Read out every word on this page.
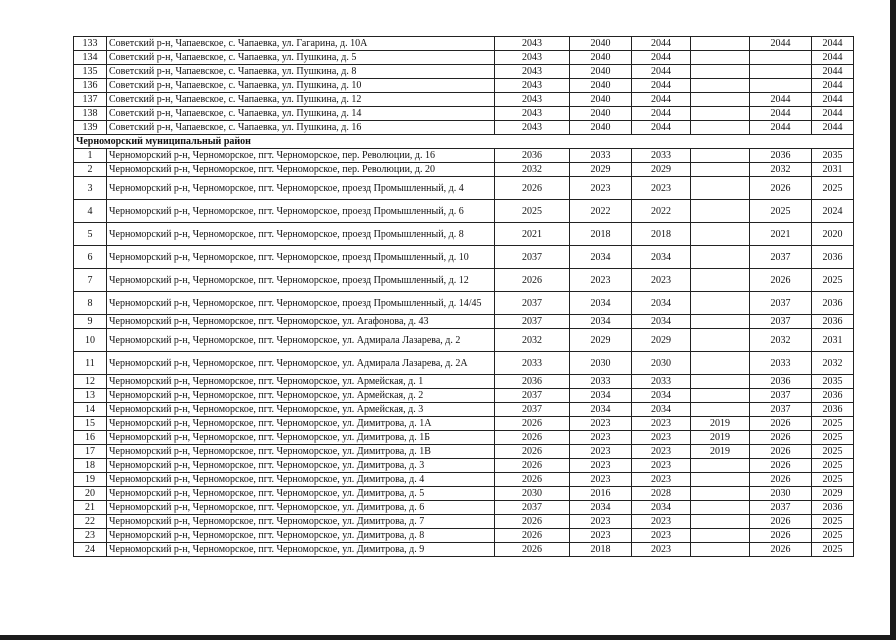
133	Советский р-н, Чапаевское, с. Чапаевка, ул. Гагарина, д. 10А	2043	2040	2044		2044	2044
134	Советский р-н, Чапаевское, с. Чапаевка, ул. Пушкина, д. 5	2043	2040	2044			2044
135	Советский р-н, Чапаевское, с. Чапаевка, ул. Пушкина, д. 8	2043	2040	2044			2044
136	Советский р-н, Чапаевское, с. Чапаевка, ул. Пушкина, д. 10	2043	2040	2044			2044
137	Советский р-н, Чапаевское, с. Чапаевка, ул. Пушкина, д. 12	2043	2040	2044		2044	2044
138	Советский р-н, Чапаевское, с. Чапаевка, ул. Пушкина, д. 14	2043	2040	2044		2044	2044
139	Советский р-н, Чапаевское, с. Чапаевка, ул. Пушкина, д. 16	2043	2040	2044		2044	2044
Черноморский муниципальный район							
1	Черноморский р-н, Черноморское, пгт. Черноморское, пер. Революции, д. 16	2036	2033	2033		2036	2035
2	Черноморский р-н, Черноморское, пгт. Черноморское, пер. Революции, д. 20	2032	2029	2029		2032	2031
3	Черноморский р-н, Черноморское, пгт. Черноморское, проезд Промышленный, д. 4	2026	2023	2023		2026	2025
4	Черноморский р-н, Черноморское, пгт. Черноморское, проезд Промышленный, д. 6	2025	2022	2022		2025	2024
5	Черноморский р-н, Черноморское, пгт. Черноморское, проезд Промышленный, д. 8	2021	2018	2018		2021	2020
6	Черноморский р-н, Черноморское, пгт. Черноморское, проезд Промышленный, д. 10	2037	2034	2034		2037	2036
7	Черноморский р-н, Черноморское, пгт. Черноморское, проезд Промышленный, д. 12	2026	2023	2023		2026	2025
8	Черноморский р-н, Черноморское, пгт. Черноморское, проезд Промышленный, д. 14/45	2037	2034	2034		2037	2036
9	Черноморский р-н, Черноморское, пгт. Черноморское, ул. Агафонова, д. 43	2037	2034	2034		2037	2036
10	Черноморский р-н, Черноморское, пгт. Черноморское, ул. Адмирала Лазарева, д. 2	2032	2029	2029		2032	2031
11	Черноморский р-н, Черноморское, пгт. Черноморское, ул. Адмирала Лазарева, д. 2А	2033	2030	2030		2033	2032
12	Черноморский р-н, Черноморское, пгт. Черноморское, ул. Армейская, д. 1	2036	2033	2033		2036	2035
13	Черноморский р-н, Черноморское, пгт. Черноморское, ул. Армейская, д. 2	2037	2034	2034		2037	2036
14	Черноморский р-н, Черноморское, пгт. Черноморское, ул. Армейская, д. 3	2037	2034	2034		2037	2036
15	Черноморский р-н, Черноморское, пгт. Черноморское, ул. Димитрова, д. 1А	2026	2023	2023	2019	2026	2025
16	Черноморский р-н, Черноморское, пгт. Черноморское, ул. Димитрова, д. 1Б	2026	2023	2023	2019	2026	2025
17	Черноморский р-н, Черноморское, пгт. Черноморское, ул. Димитрова, д. 1В	2026	2023	2023	2019	2026	2025
18	Черноморский р-н, Черноморское, пгт. Черноморское, ул. Димитрова, д. 3	2026	2023	2023		2026	2025
19	Черноморский р-н, Черноморское, пгт. Черноморское, ул. Димитрова, д. 4	2026	2023	2023		2026	2025
20	Черноморский р-н, Черноморское, пгт. Черноморское, ул. Димитрова, д. 5	2030	2016	2028		2030	2029
21	Черноморский р-н, Черноморское, пгт. Черноморское, ул. Димитрова, д. 6	2037	2034	2034		2037	2036
22	Черноморский р-н, Черноморское, пгт. Черноморское, ул. Димитрова, д. 7	2026	2023	2023		2026	2025
23	Черноморский р-н, Черноморское, пгт. Черноморское, ул. Димитрова, д. 8	2026	2023	2023		2026	2025
24	Черноморский р-н, Черноморское, пгт. Черноморское, ул. Димитрова, д. 9	2026	2018	2023		2026	2025
